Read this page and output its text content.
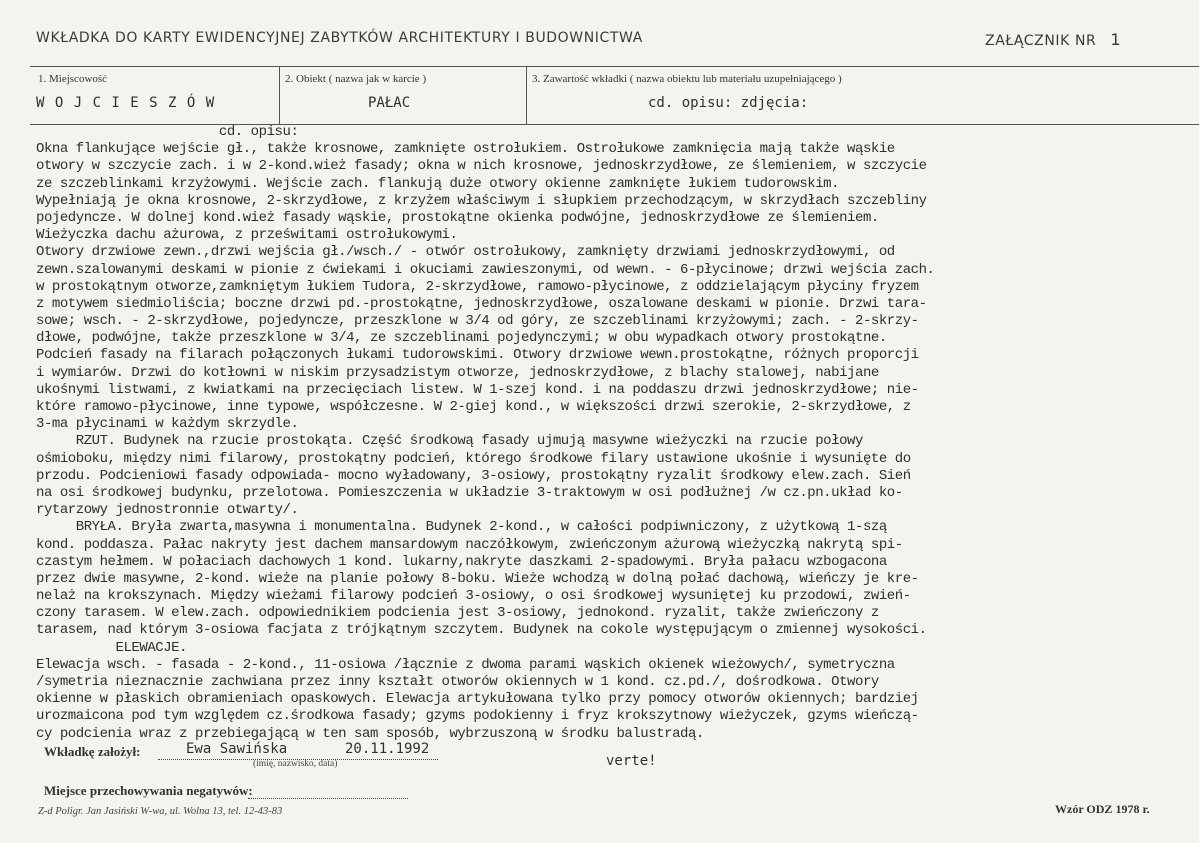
WKŁADKA DO KARTY EWIDENCYJNEJ ZABYTKÓW ARCHITEKTURY I BUDOWNICTWA	ZAŁĄCZNIK NR 1
1. Miejscowość	2. Obiekt ( nazwa jak w karcie )	3. Zawartość wkładki ( nazwa obiektu lub materiału uzupełniającego )
W O J C I E S Z Ó W	PAŁAC	cd. opisu: zdjęcia:
cd. opisu:
Okna flankujące wejście gł., także krosnowe, zamknięte ostrołukiem. Ostrołukowe zamknięcia mają także wąskie
otwory w szczycie zach. i w 2-kond.wież fasady; okna w nich krosnowe, jednoskrzydłowe, ze ślemieniem, w szczycie
ze szczeblinkami krzyżowymi. Wejście zach. flankują duże otwory okienne zamknięte łukiem tudorowskim.
Wypełniają je okna krosnowe, 2-skrzydłowe, z krzyżem właściwym i słupkiem przechodzącym, w skrzydłach szczebliny
pojedyncze. W dolnej kond.wież fasady wąskie, prostokątne okienka podwójne, jednoskrzydłowe ze ślemieniem.
Wieżyczka dachu ażurowa, z prześwitami ostrołukowymi.
Otwory drzwiowe zewn.,drzwi wejścia gł./wsch./ - otwór ostrołukowy, zamknięty drzwiami jednoskrzydłowymi, od
zewn.szalowanymi deskami w pionie z ćwiekami i okuciami zawieszonymi, od wewn. - 6-płycinowe; drzwi wejścia zach.
w prostokątnym otworze,zamkniętym łukiem Tudora, 2-skrzydłowe, ramowo-płycinowe, z oddzielającym płyciny fryzem
z motywem siedmioliścia; boczne drzwi pd.-prostokątne, jednoskrzydłowe, oszalowane deskami w pionie. Drzwi tara-
sowe; wsch. - 2-skrzydłowe, pojedyncze, przeszklone w 3/4 od góry, ze szczeblinami krzyżowymi; zach. - 2-skrzy-
dłowe, podwójne, także przeszklone w 3/4, ze szczeblinami pojedynczymi; w obu wypadkach otwory prostokątne.
Podcień fasady na filarach połączonych łukami tudorowskimi. Otwory drzwiowe wewn.prostokątne, różnych proporcji
i wymiarów. Drzwi do kotłowni w niskim przysadzistym otworze, jednoskrzydłowe, z blachy stalowej, nabijane
ukośnymi listwami, z kwiatkami na przecięciach listew. W 1-szej kond. i na poddaszu drzwi jednoskrzydłowe; nie-
które ramowo-płycinowe, inne typowe, współczesne. W 2-giej kond., w większości drzwi szerokie, 2-skrzydłowe, z
3-ma płycinami w każdym skrzydle.
RZUT. Budynek na rzucie prostokąta. Część środkową fasady ujmują masywne wieżyczki na rzucie połowy
ośmioboku, między nimi filarowy, prostokątny podcień, którego środkowe filary ustawione ukośnie i wysunięte do
przodu. Podcieniowi fasady odpowiada- mocno wyładowany, 3-osiowy, prostokątny ryzalit środkowy elew.zach. Sień
na osi środkowej budynku, przelotowa. Pomieszczenia w układzie 3-traktowym w osi podłużnej /w cz.pn.układ ko-
rytarzowy jednostronnie otwarty/.
BRYŁA. Bryła zwarta,masywna i monumentalna. Budynek 2-kond., w całości podpiwniczony, z użytkową 1-szą
kond. poddasza. Pałac nakryty jest dachem mansardowym naczółkowym, zwieńczonym ażurową wieżyczką nakrytą spi-
czastym hełmem. W połaciach dachowych 1 kond. lukarny,nakryte daszkami 2-spadowymi. Bryła pałacu wzbogacona
przez dwie masywne, 2-kond. wieże na planie połowy 8-boku. Wieże wchodzą w dolną połać dachową, wieńczy je kre-
nelaż na krokszynach. Między wieżami filarowy podcień 3-osiowy, o osi środkowej wysuniętej ku przodowi, zwień-
czony tarasem. W elew.zach. odpowiednikiem podcienia jest 3-osiowy, jednokond. ryzalit, także zwieńczony z
tarasem, nad którym 3-osiowa facjata z trójkątnym szczytem. Budynek na cokole występującym o zmiennej wysokości.
ELEWACJE.
Elewacja wsch. - fasada - 2-kond., 11-osiowa /łącznie z dwoma parami wąskich okienek wieżowych/, symetryczna
/symetria nieznacznie zachwiana przez inny kształt otworów okiennych w 1 kond. cz.pd./, dośrodkowa. Otwory
okienne w płaskich obramieniach opaskowych. Elewacja artykułowana tylko przy pomocy otworów okiennych; bardziej
urozmaicona pod tym względem cz.środkowa fasady; gzyms podokienny i fryz krokszytnowy wieżyczek, gzyms wieńczą-
cy podcienia wraz z przebiegającą w ten sam sposób, wybrzuszoną w środku balustradą.
Wkładkę założył:	Ewa Sawińska	20.11.1992
(imię, nazwisko, data)	verte!
Miejsce przechowywania negatywów:
Z-d Poligr. Jan Jasiński W-wa, ul. Wolna 13, tel. 12-43-83	Wzór ODZ 1978 r.
